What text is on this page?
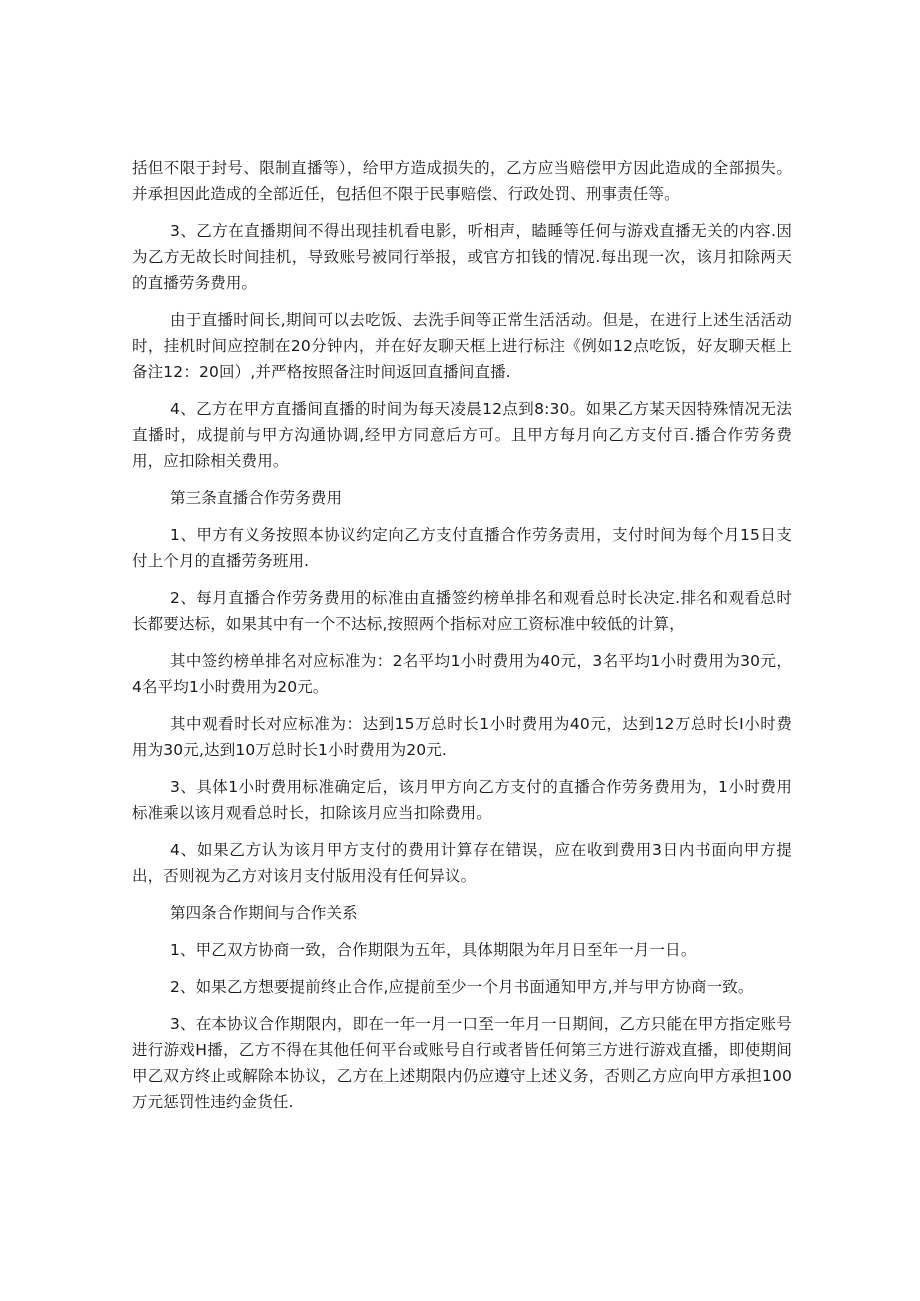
括但不限于封号、限制直播等），给甲方造成损失的，乙方应当赔偿甲方因此造成的全部损失。并承担因此造成的全部近任，包括但不限于民事赔偿、行政处罚、刑事责任等。

3、乙方在直播期间不得出现挂机看电影，听相声，瞌睡等任何与游戏直播无关的内容.因为乙方无故长时间挂机，导致账号被同行举报，或官方扣钱的情况.每出现一次，该月扣除两天的直播劳务费用。

由于直播时间长,期间可以去吃饭、去洗手间等正常生活活动。但是，在进行上述生活活动时，挂机时间应控制在20分钟内，并在好友聊天框上进行标注《例如12点吃饭，好友聊天框上备注12：20回）,并严格按照备注时间返回直播间直播.

4、乙方在甲方直播间直播的时间为每天凌晨12点到8:30。如果乙方某天因特殊情况无法直播时，成提前与甲方沟通协调,经甲方同意后方可。且甲方每月向乙方支付百.播合作劳务费用，应扣除相关费用。

第三条直播合作劳务费用

1、甲方有义务按照本协议约定向乙方支付直播合作劳务责用，支付时间为每个月15日支付上个月的直播劳务班用.

2、每月直播合作劳务费用的标准由直播签约榜单排名和观看总时长决定.排名和观看总时长都要达标，如果其中有一个不达标,按照两个指标对应工资标准中较低的计算，

其中签约榜单排名对应标准为：2名平均1小时费用为40元，3名平均1小时费用为30元，4名平均1小时费用为20元。

其中观看时长对应标准为：达到15万总时长1小时费用为40元，达到12万总时长I小时费用为30元,达到10万总时长1小时费用为20元.

3、具体1小时费用标准确定后，该月甲方向乙方支付的直播合作劳务费用为，1小时费用标准乘以该月观看总时长，扣除该月应当扣除费用。

4、如果乙方认为该月甲方支付的费用计算存在错误，应在收到费用3日内书面向甲方提出，否则视为乙方对该月支付版用没有任何异议。

第四条合作期间与合作关系

1、甲乙双方协商一致，合作期限为五年，具体期限为年月日至年一月一日。

2、如果乙方想要提前终止合作,应提前至少一个月书面通知甲方,并与甲方协商一致。

3、在本协议合作期限内，即在一年一月一口至一年月一日期间，乙方只能在甲方指定账号进行游戏H播，乙方不得在其他任何平台或账号自行或者皆任何第三方进行游戏直播，即使期间甲乙双方终止或解除本协议，乙方在上述期限内仍应遵守上述义务，否则乙方应向甲方承担100万元惩罚性违约金货任.
